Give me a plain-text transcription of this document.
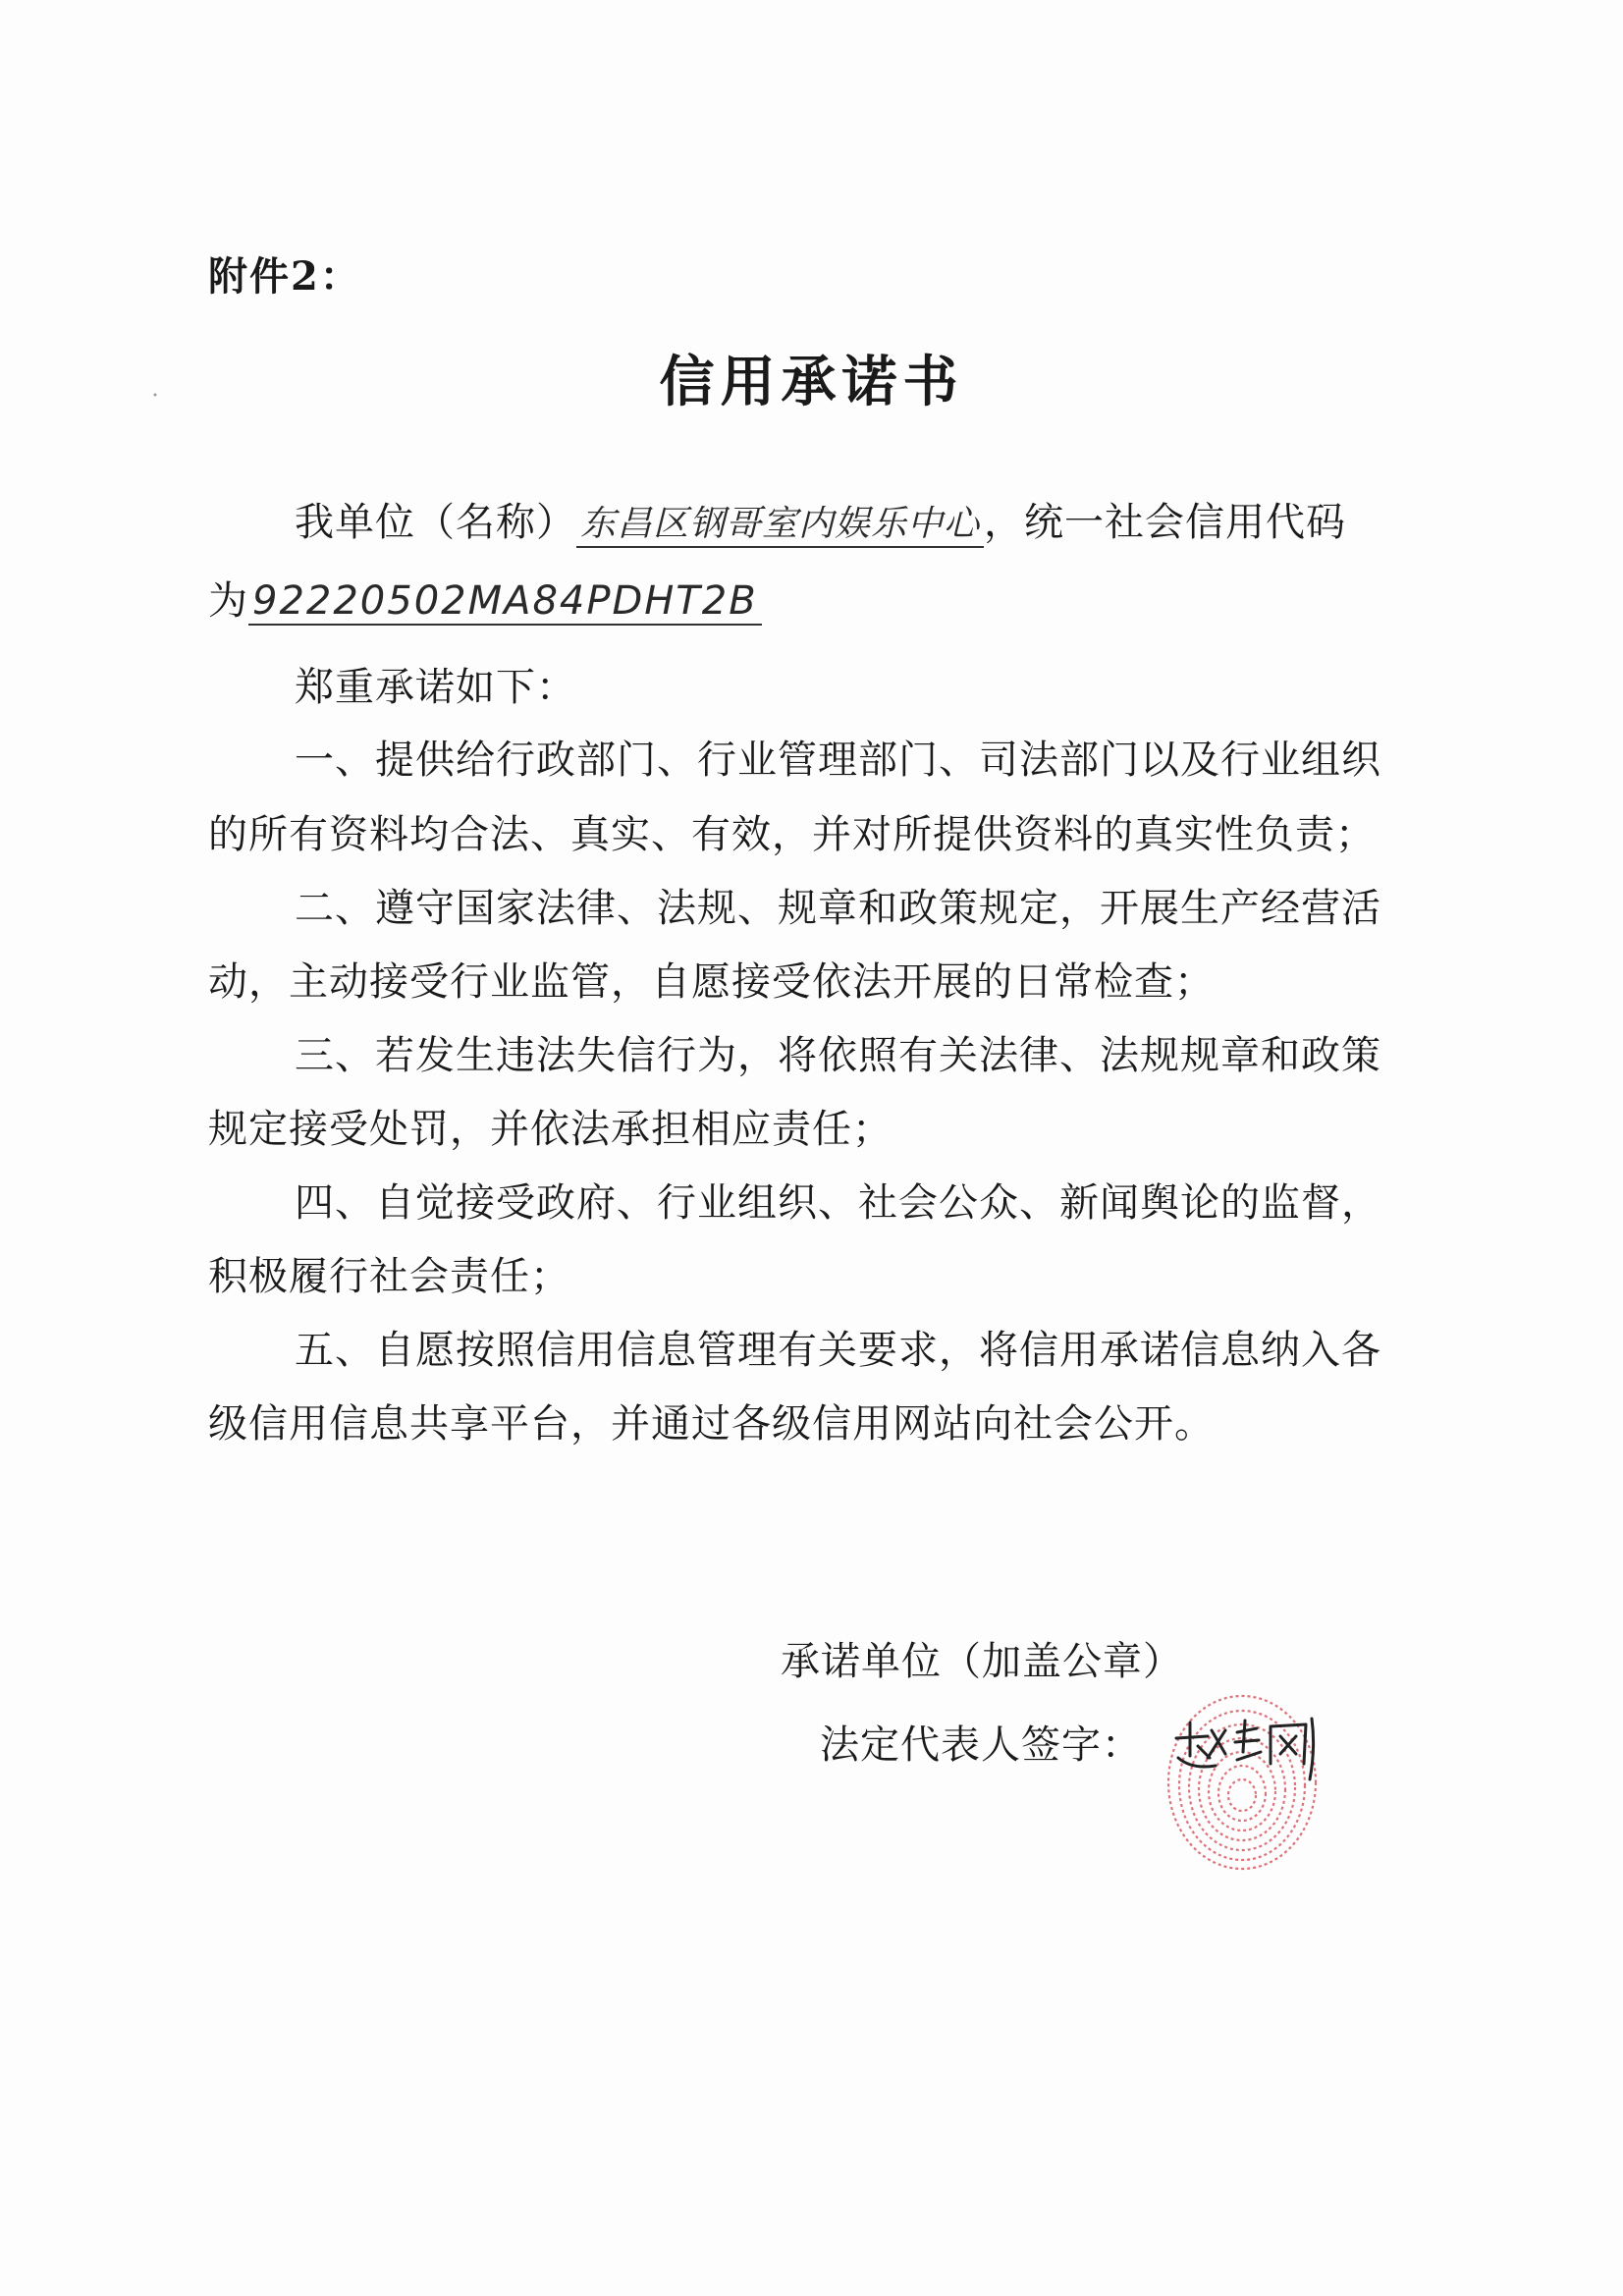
附件2：
信用承诺书
我单位（名称） 东昌区钢哥室内娱乐中心 ，统一社会信用代码
为 92220502MA84PDHT2B
郑重承诺如下：
一、提供给行政部门、行业管理部门、司法部门以及行业组织
的所有资料均合法、真实、有效，并对所提供资料的真实性负责；
二、遵守国家法律、法规、规章和政策规定，开展生产经营活
动，主动接受行业监管，自愿接受依法开展的日常检查；
三、若发生违法失信行为，将依照有关法律、法规规章和政策
规定接受处罚，并依法承担相应责任；
四、自觉接受政府、行业组织、社会公众、新闻舆论的监督，
积极履行社会责任；
五、自愿按照信用信息管理有关要求，将信用承诺信息纳入各
级信用信息共享平台，并通过各级信用网站向社会公开。
承诺单位（加盖公章）
法定代表人签字：
